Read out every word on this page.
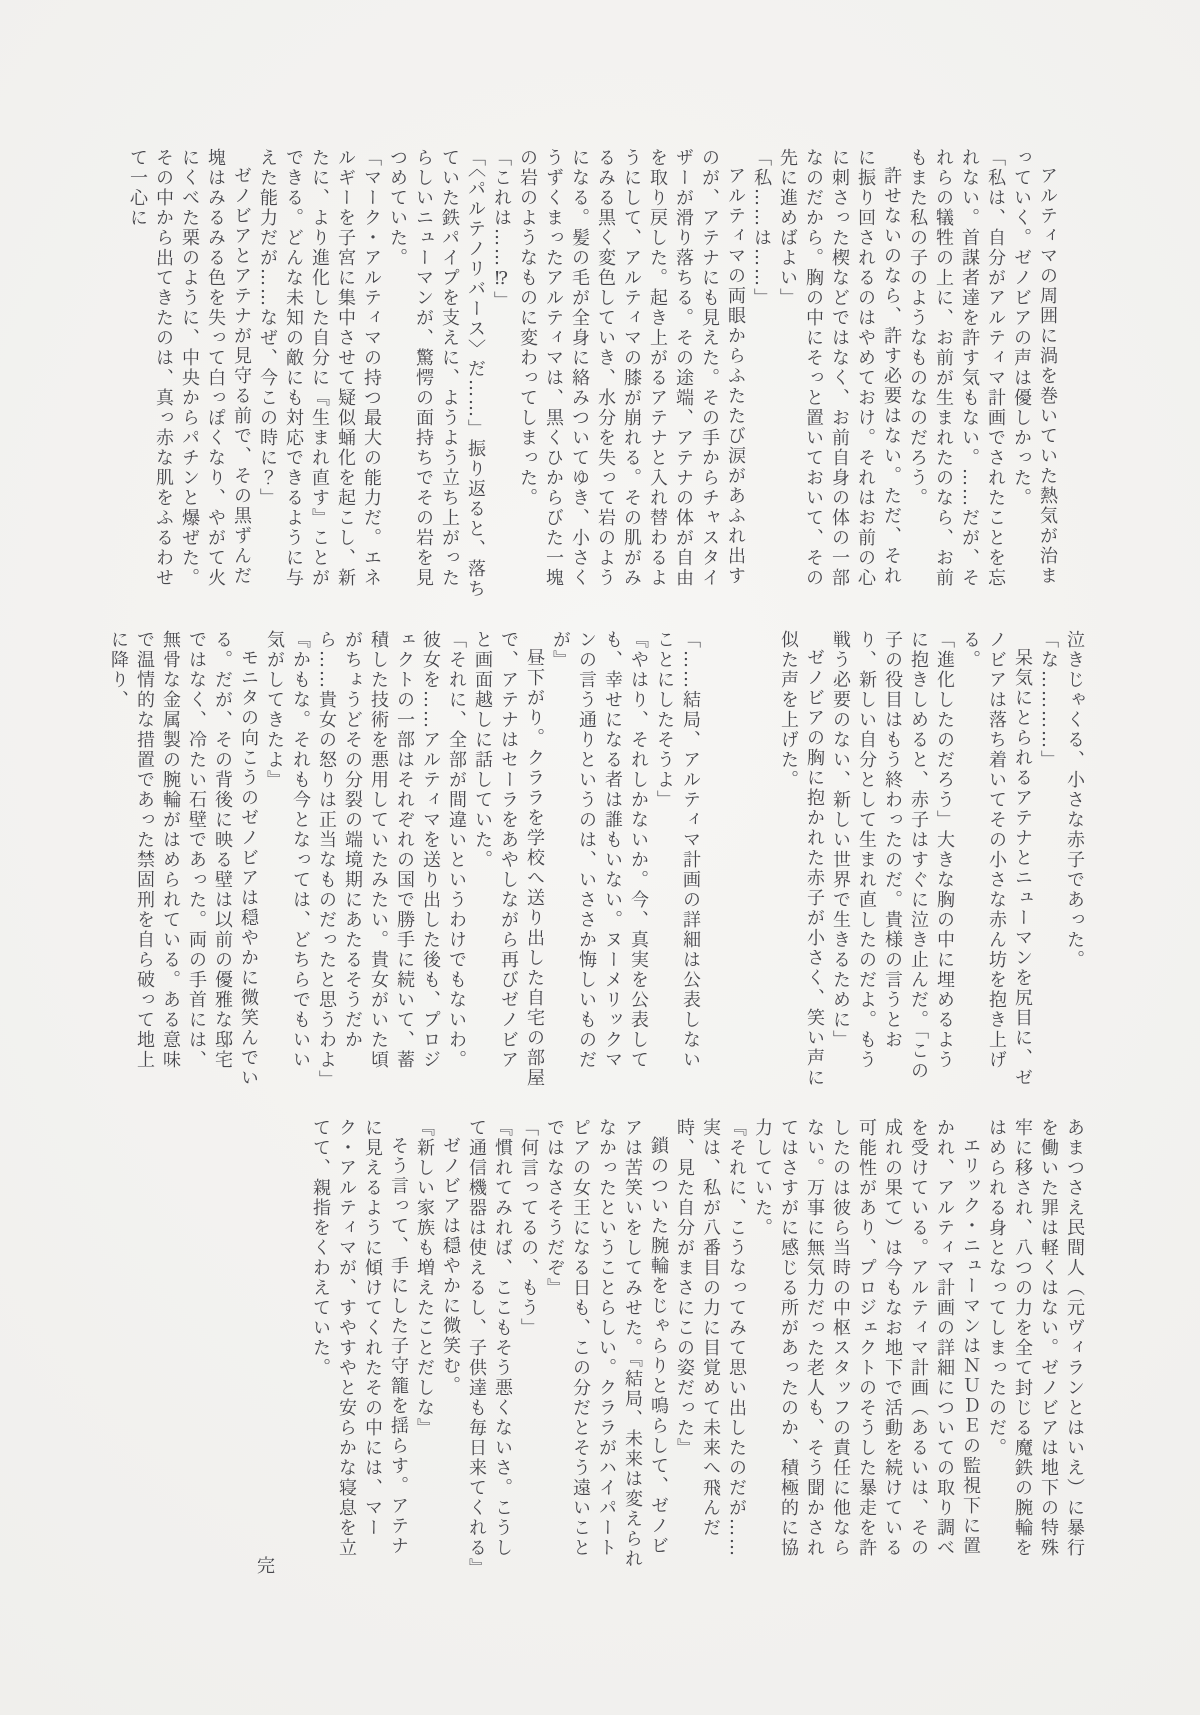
アルティマの周囲に渦を巻いていた熱気が治まっていく。ゼノビアの声は優しかった。

「私は、自分がアルティマ計画でされたことを忘れない。首謀者達を許す気もない。……だが、それらの犠牲の上に、お前が生まれたのなら、お前もまた私の子のようなものなのだろう。

許せないのなら、許す必要はない。ただ、それに振り回されるのはやめておけ。それはお前の心に刺さった楔などではなく、お前自身の体の一部なのだから。胸の中にそっと置いておいて、その先に進めばよい」

「私……は……」

アルティマの両眼からふたたび涙があふれ出すのが、アテナにも見えた。その手からチャスタイザーが滑り落ちる。その途端、アテナの体が自由を取り戻した。起き上がるアテナと入れ替わるようにして、アルティマの膝が崩れる。その肌がみるみる黒く変色していき、水分を失って岩のようになる。髪の毛が全身に絡みついてゆき、小さくうずくまったアルティマは、黒くひからびた一塊の岩のようなものに変わってしまった。

「これは……⁉」

「〈パルテノリバース〉だ……」振り返ると、落ちていた鉄パイプを支えに、ようよう立ち上がったらしいニューマンが、驚愕の面持ちでその岩を見つめていた。

「マーク・アルティマの持つ最大の能力だ。エネルギーを子宮に集中させて疑似蛹化を起こし、新たに、より進化した自分に『生まれ直す』ことができる。どんな未知の敵にも対応できるように与えた能力だが……なぜ、今この時に？」

ゼノビアとアテナが見守る前で、その黒ずんだ塊はみるみる色を失って白っぽくなり、やがて火にくべた栗のように、中央からパチンと爆ぜた。その中から出てきたのは、真っ赤な肌をふるわせて一心に

泣きじゃくる、小さな赤子であった。

「な…………」

呆気にとられるアテナとニューマンを尻目に、ゼノビアは落ち着いてその小さな赤ん坊を抱き上げる。

「進化したのだろう」大きな胸の中に埋めるように抱きしめると、赤子はすぐに泣き止んだ。「この子の役目はもう終わったのだ。貴様の言うとおり、新しい自分として生まれ直したのだよ。もう戦う必要のない、新しい世界で生きるために」

ゼノビアの胸に抱かれた赤子が小さく、笑い声に似た声を上げた。

「……結局、アルティマ計画の詳細は公表しないことにしたそうよ」

『やはり、それしかないか。今、真実を公表しても、幸せになる者は誰もいない。ヌーメリックマンの言う通りというのは、いささか悔しいものだが』

昼下がり。クララを学校へ送り出した自宅の部屋で、アテナはセーラをあやしながら再びゼノビアと画面越しに話していた。

「それに、全部が間違いというわけでもないわ。彼女を……アルティマを送り出した後も、プロジェクトの一部はそれぞれの国で勝手に続いて、蓄積した技術を悪用していたみたい。貴女がいた頃がちょうどその分裂の端境期にあたるそうだから……貴女の怒りは正当なものだったと思うわよ」

『かもな。それも今となっては、どちらでもいい気がしてきたよ』

モニタの向こうのゼノビアは穏やかに微笑んでいる。だが、その背後に映る壁は以前の優雅な邸宅ではなく、冷たい石壁であった。両の手首には、無骨な金属製の腕輪がはめられている。ある意味で温情的な措置であった禁固刑を自ら破って地上に降り、

あまつさえ民間人（元ヴィランとはいえ）に暴行を働いた罪は軽くはない。ゼノビアは地下の特殊牢に移され、八つの力を全て封じる魔鉄の腕輪をはめられる身となってしまったのだ。

エリック・ニューマンはＮＵＤＥの監視下に置かれ、アルティマ計画の詳細についての取り調べを受けている。アルティマ計画（あるいは、その成れの果て）は今もなお地下で活動を続けている可能性があり、プロジェクトのそうした暴走を許したのは彼ら当時の中枢スタッフの責任に他ならない。万事に無気力だった老人も、そう聞かされてはさすがに感じる所があったのか、積極的に協力していた。

『それに、こうなってみて思い出したのだが……実は、私が八番目の力に目覚めて未来へ飛んだ時、見た自分がまさにこの姿だった』

鎖のついた腕輪をじゃらりと鳴らして、ゼノビアは苦笑いをしてみせた。『結局、未来は変えられなかったということらしい。クララがハイパートピアの女王になる日も、この分だとそう遠いことではなさそうだぞ』

「何言ってるの、もう」

『慣れてみれば、ここもそう悪くないさ。こうして通信機器は使えるし、子供達も毎日来てくれる』

ゼノビアは穏やかに微笑む。

『新しい家族も増えたことだしな』

そう言って、手にした子守籠を揺らす。アテナに見えるように傾けてくれたその中には、マーク・アルティマが、すやすやと安らかな寝息を立てて、親指をくわえていた。

完
